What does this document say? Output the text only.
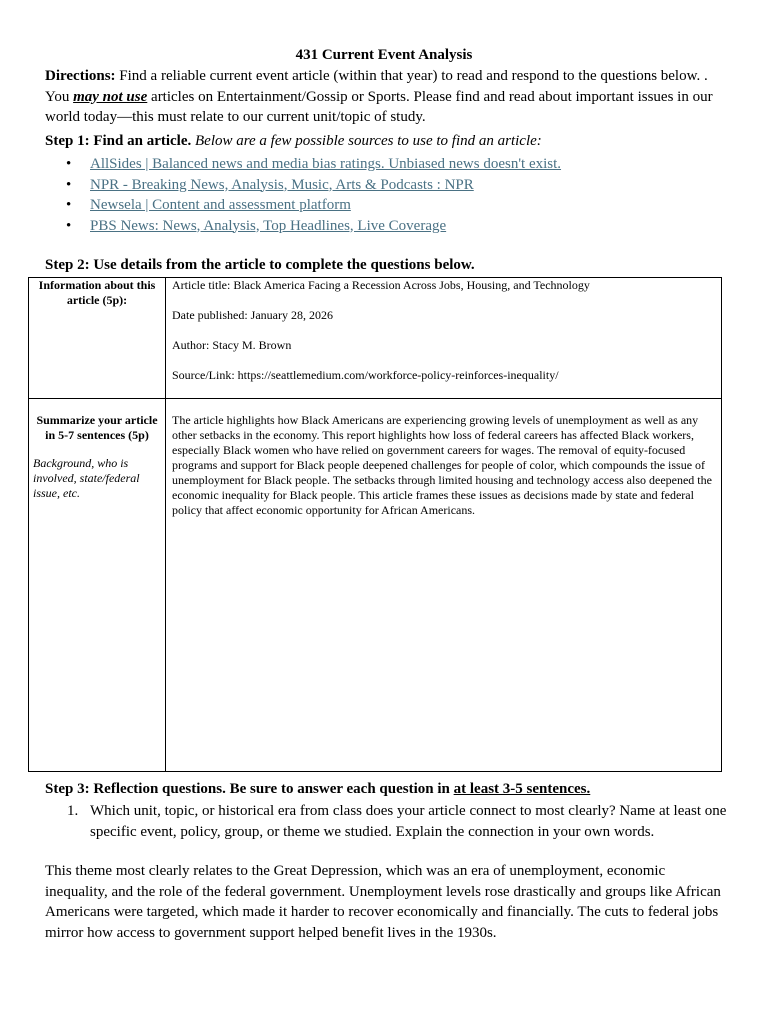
431 Current Event Analysis
Directions: Find a reliable current event article (within that year) to read and respond to the questions below. . You may not use articles on Entertainment/Gossip or Sports. Please find and read about important issues in our world today—this must relate to our current unit/topic of study.
Step 1: Find an article. Below are a few possible sources to use to find an article:
• AllSides | Balanced news and media bias ratings. Unbiased news doesn't exist.
• NPR - Breaking News, Analysis, Music, Arts & Podcasts : NPR
• Newsela | Content and assessment platform
• PBS News: News, Analysis, Top Headlines, Live Coverage
Step 2: Use details from the article to complete the questions below.
Information about this article (5p):	Article title: Black America Facing a Recession Across Jobs, Housing, and Technology

Date published: January 28, 2026

Author: Stacy M. Brown

Source/Link: https://seattlemedium.com/workforce-policy-reinforces-inequality/

Summarize your article in 5-7 sentences (5p)
Background, who is involved, state/federal issue, etc.	The article highlights how Black Americans are experiencing growing levels of unemployment as well as any other setbacks in the economy. This report highlights how loss of federal careers has affected Black workers, especially Black women who have relied on government careers for wages. The removal of equity-focused programs and support for Black people deepened challenges for people of color, which compounds the issue of unemployment for Black people. The setbacks through limited housing and technology access also deepened the economic inequality for Black people. This article frames these issues as decisions made by state and federal policy that affect economic opportunity for African Americans.
Step 3: Reflection questions. Be sure to answer each question in at least 3-5 sentences.
1. Which unit, topic, or historical era from class does your article connect to most clearly? Name at least one specific event, policy, group, or theme we studied. Explain the connection in your own words.
This theme most clearly relates to the Great Depression, which was an era of unemployment, economic inequality, and the role of the federal government. Unemployment levels rose drastically and groups like African Americans were targeted, which made it harder to recover economically and financially. The cuts to federal jobs mirror how access to government support helped benefit lives in the 1930s.
